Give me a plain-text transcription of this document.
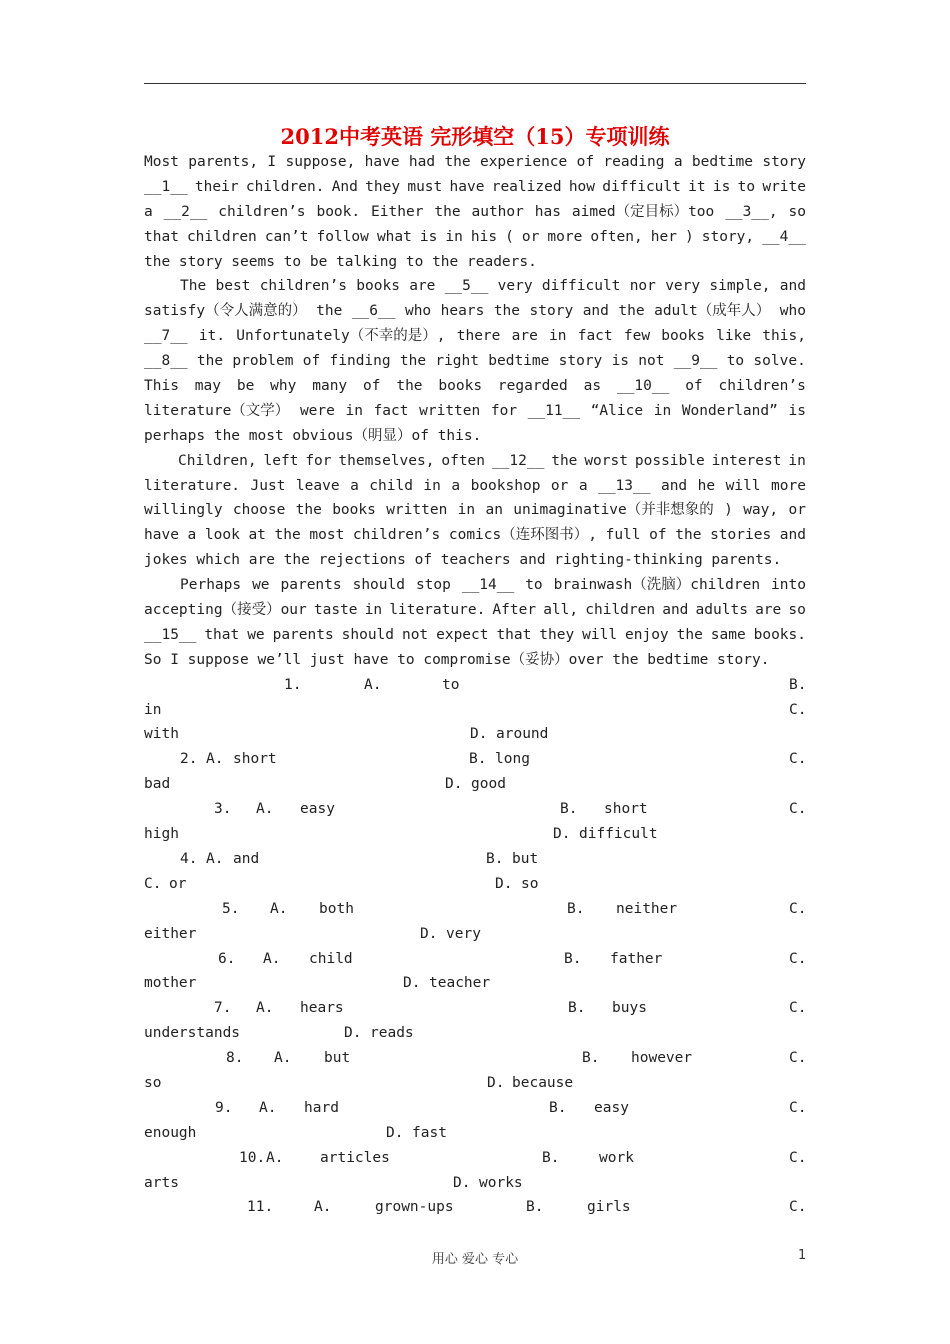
2012中考英语 完形填空（15）专项训练
Most parents, I suppose, have had the experience of reading a bedtime story
__1__ their children. And they must have realized how difficult it is to write
a __2__ children’s book. Either the author has aimed（定目标）too __3__, so
that children can’t follow what is in his ( or more often, her ) story, __4__
the story seems to be talking to the readers.
The best children’s books are __5__ very difficult nor very simple, and
satisfy（令人满意的） the __6__ who hears the story and the adult（成年人） who
__7__ it. Unfortunately（不幸的是）, there are in fact few books like this,
__8__ the problem of finding the right bedtime story is not __9__ to solve.
This may be why many of the books regarded as __10__ of children’s
literature（文学） were in fact written for __11__ “Alice in Wonderland” is
perhaps the most obvious（明显）of this.
Children, left for themselves, often __12__ the worst possible interest in
literature. Just leave a child in a bookshop or a __13__ and he will more
willingly choose the books written in an unimaginative（并非想象的 ) way, or
have a look at the most children’s comics（连环图书）, full of the stories and
jokes which are the rejections of teachers and righting-thinking parents.
Perhaps we parents should stop __14__ to brainwash（洗脑）children into
accepting（接受）our taste in literature. After all, children and adults are so
__15__ that we parents should not expect that they will enjoy the same books.
So I suppose we’ll just have to compromise（妥协）over the bedtime story.
1.	A.	to	B.
in	C.
with	D. around
2. A. short	B. long	C.
bad	D. good
3. A. easy	B. short	C.
high	D. difficult
4. A. and	B. but
C. or	D. so
5. A. both	B. neither	C.
either	D. very
6. A. child	B. father	C.
mother	D. teacher
7. A. hears	B. buys	C.
understands	D. reads
8. A. but	B. however	C.
so	D. because
9. A. hard	B. easy	C.
enough	D. fast
10. A.	articles	B.	work	C.
arts	D. works
11.	A.	grown-ups	B.	girls	C.
用心 爱心 专心	1
